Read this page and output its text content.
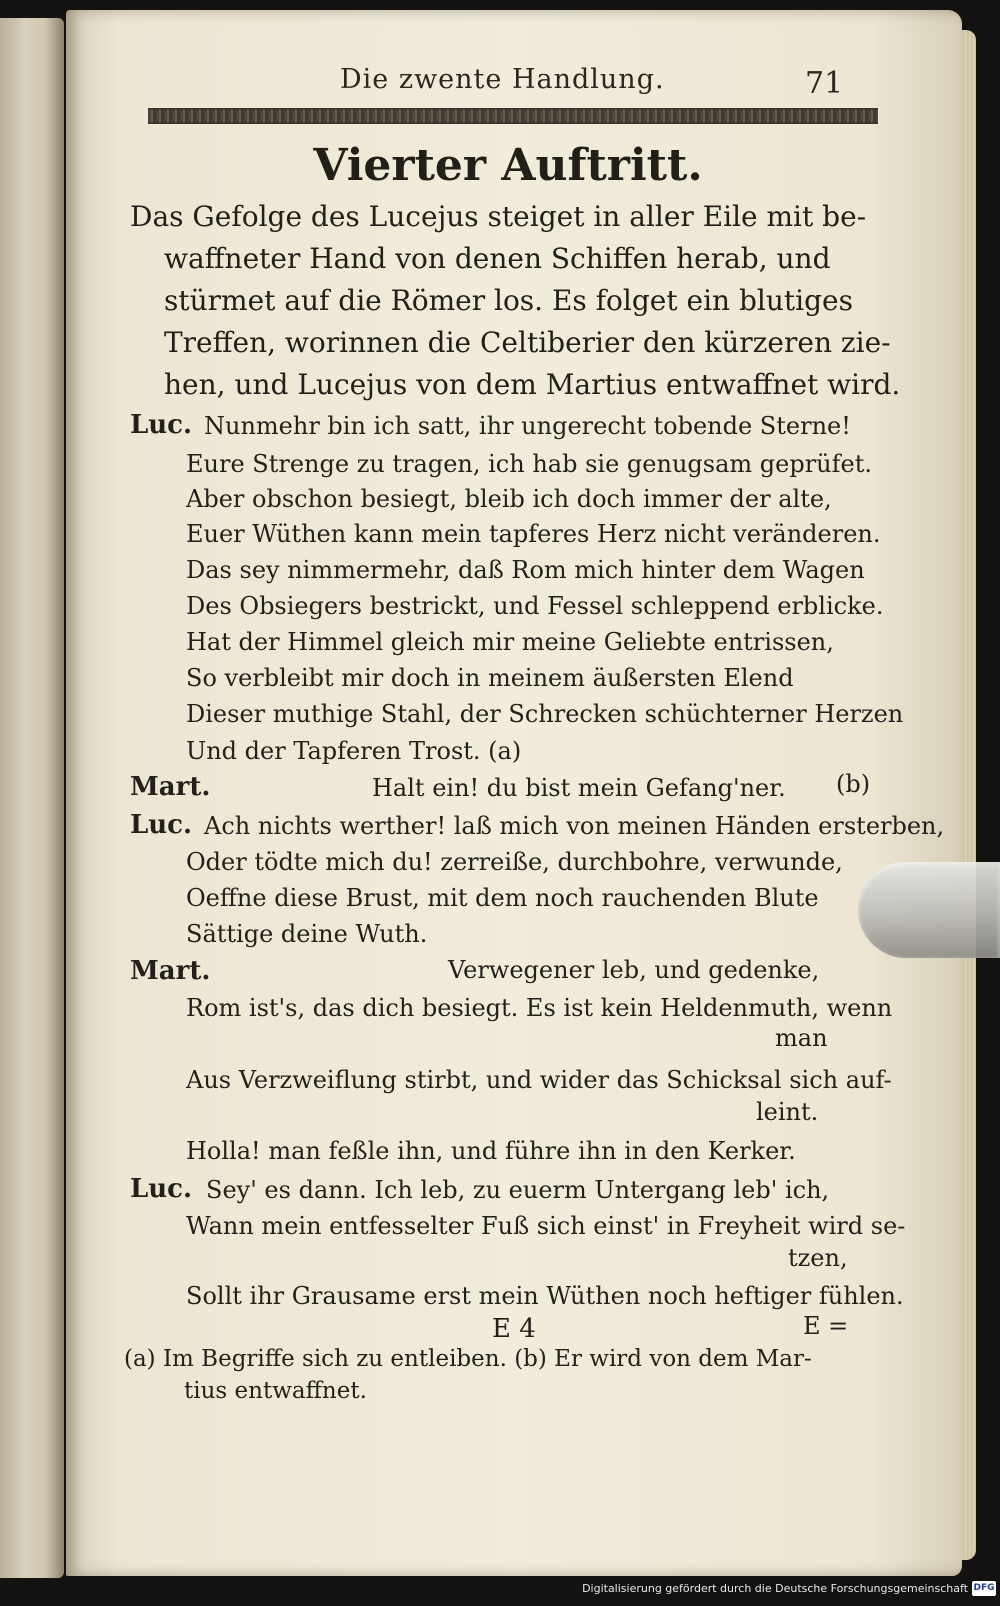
Die zwente Handlung.	71
Vierter Auftritt.
Das Gefolge des Lucejus steiget in aller Eile mit be-
waffneter Hand von denen Schiffen herab, und
stürmet auf die Römer los. Es folget ein blutiges
Treffen, worinnen die Celtiberier den kürzeren zie-
hen, und Lucejus von dem Martius entwaffnet wird.
Luc. Nunmehr bin ich satt, ihr ungerecht tobende Sterne!
Eure Strenge zu tragen, ich hab sie genugsam geprüfet.
Aber obschon besiegt, bleib ich doch immer der alte,
Euer Wüthen kann mein tapferes Herz nicht veränderen.
Das sey nimmermehr, daß Rom mich hinter dem Wagen
Des Obsiegers bestrickt, und Fessel schleppend erblicke.
Hat der Himmel gleich mir meine Geliebte entrissen,
So verbleibt mir doch in meinem äußersten Elend
Dieser muthige Stahl, der Schrecken schüchterner Herzen
Und der Tapferen Trost. (a)
Mart.	Halt ein! du bist mein Gefang'ner. (b)
Luc. Ach nichts werther! laß mich von meinen Händen ersterben,
Oder tödte mich du! zerreiße, durchbohre, verwunde,
Oeffne diese Brust, mit dem noch rauchenden Blute
Sättige deine Wuth.
Mart.	Verwegener leb, und gedenke,
Rom ist's, das dich besiegt. Es ist kein Heldenmuth, wenn
man
Aus Verzweiflung stirbt, und wider das Schicksal sich auf-
leint.
Holla! man feßle ihn, und führe ihn in den Kerker.
Luc. Sey' es dann. Ich leb, zu euerm Untergang leb' ich,
Wann mein entfesselter Fuß sich einst' in Freyheit wird se-
tzen,
Sollt ihr Grausame erst mein Wüthen noch heftiger fühlen.
E 4	E =
(a) Im Begriffe sich zu entleiben. (b) Er wird von dem Mar-
tius entwaffnet.
Digitalisierung gefördert durch die Deutsche Forschungsgemeinschaft DFG
